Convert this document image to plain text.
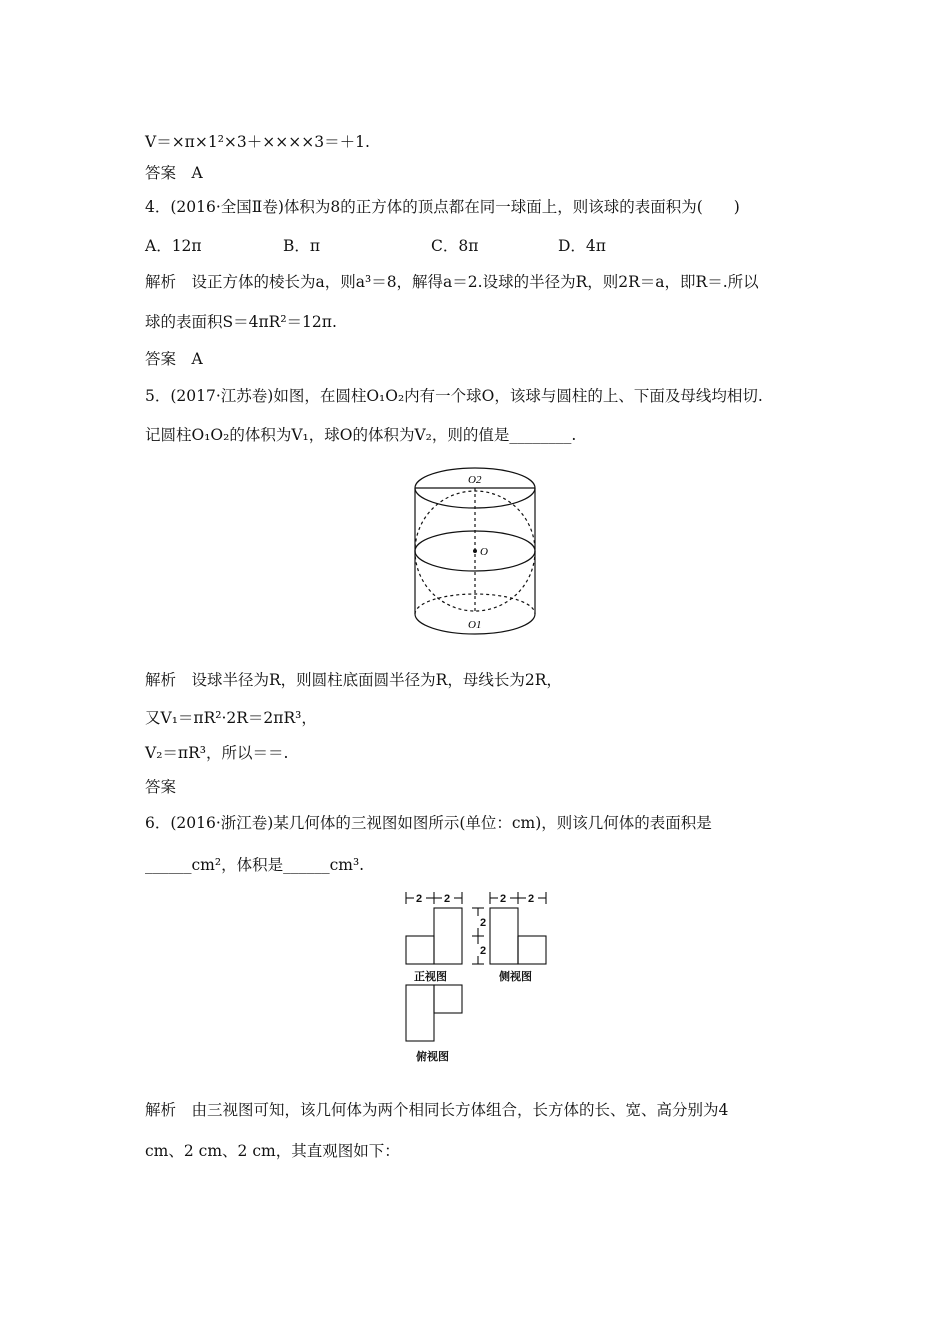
V＝×π×1²×3＋××××3＝＋1.
答案　A
4．(2016·全国Ⅱ卷)体积为8的正方体的顶点都在同一球面上，则该球的表面积为(　　)
A．12π	B．π	C．8π	D．4π
解析　设正方体的棱长为a，则a³＝8，解得a＝2.设球的半径为R，则2R＝a，即R＝.所以
球的表面积S＝4πR²＝12π.
答案　A
5．(2017·江苏卷)如图，在圆柱O₁O₂内有一个球O，该球与圆柱的上、下面及母线均相切.
记圆柱O₁O₂的体积为V₁，球O的体积为V₂，则的值是________.
O2
O
O1
解析　设球半径为R，则圆柱底面圆半径为R，母线长为2R，
又V₁＝πR²·2R＝2πR³，
V₂＝πR³，所以＝＝.
答案
6．(2016·浙江卷)某几何体的三视图如图所示(单位：cm)，则该几何体的表面积是
______cm²，体积是______cm³.
2 2	2 2
2
2
正视图	侧视图
俯视图
解析　由三视图可知，该几何体为两个相同长方体组合，长方体的长、宽、高分别为4
cm、2 cm、2 cm，其直观图如下：
